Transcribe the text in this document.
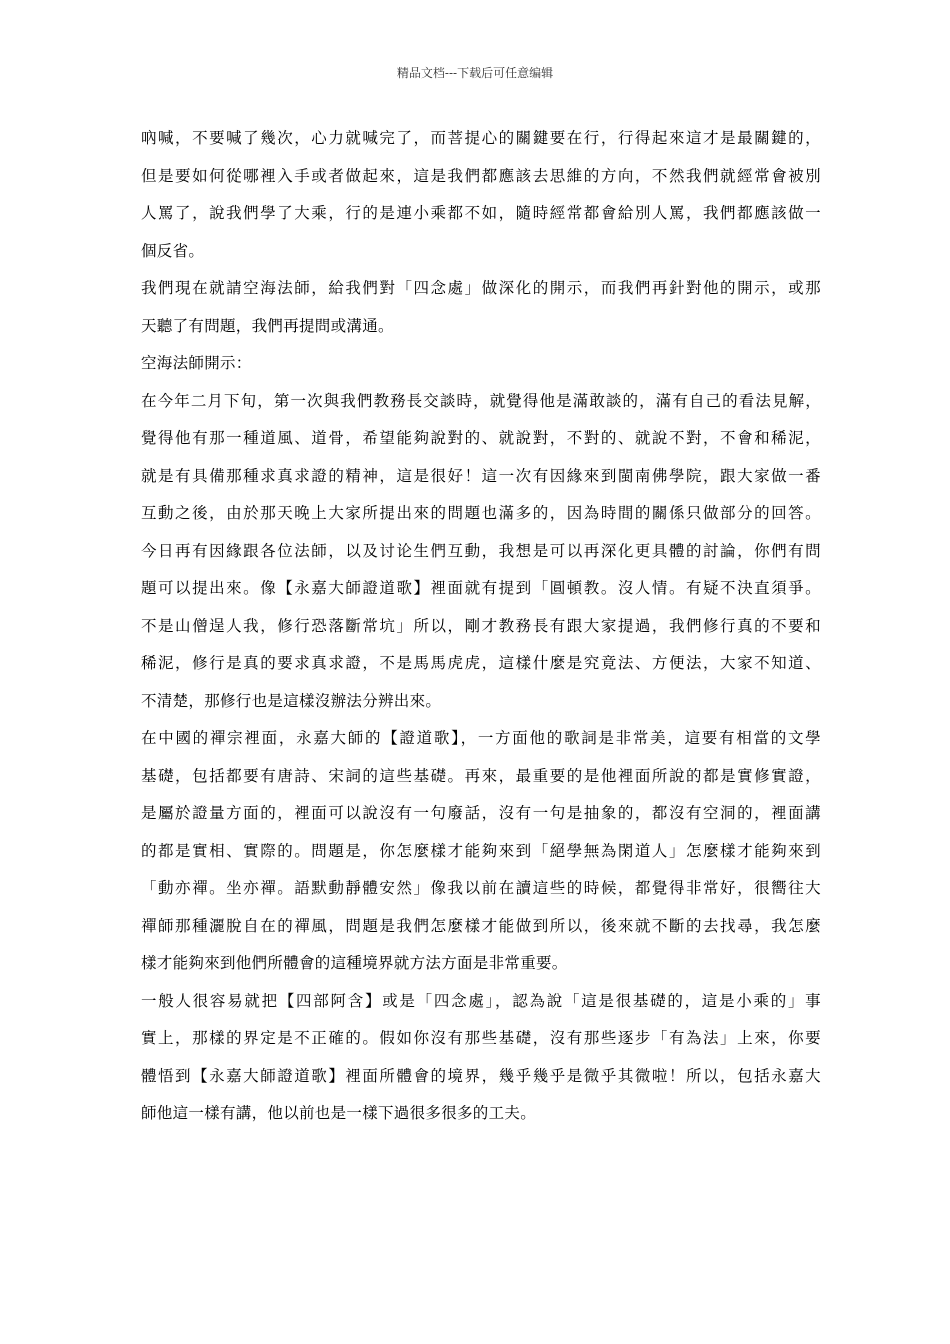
精品文档---下载后可任意编辑
吶喊，不要喊了幾次，心力就喊完了，而菩提心的關鍵要在行，行得起來這才是最關鍵的，
但是要如何從哪裡入手或者做起來，這是我們都應該去思維的方向，不然我們就經常會被別
人罵了，說我們學了大乘，行的是連小乘都不如，隨時經常都會給別人罵，我們都應該做一
個反省。
我們現在就請空海法師，給我們對「四念處」做深化的開示，而我們再針對他的開示，或那
天聽了有問題，我們再提問或溝通。
空海法師開示：
在今年二月下旬，第一次與我們教務長交談時，就覺得他是滿敢談的，滿有自己的看法見解，
覺得他有那一種道風、道骨，希望能夠說對的、就說對，不對的、就說不對，不會和稀泥，
就是有具備那種求真求證的精神，這是很好！這一次有因緣來到閩南佛學院，跟大家做一番
互動之後，由於那天晚上大家所提出來的問題也滿多的，因為時間的關係只做部分的回答。
今日再有因緣跟各位法師，以及讨论生們互動，我想是可以再深化更具體的討論，你們有問
題可以提出來。像【永嘉大師證道歌】裡面就有提到「圓頓教。沒人情。有疑不決直須爭。
不是山僧逞人我，修行恐落斷常坑」所以，剛才教務長有跟大家提過，我們修行真的不要和
稀泥，修行是真的要求真求證，不是馬馬虎虎，這樣什麼是究竟法、方便法，大家不知道、
不清楚，那修行也是這樣沒辦法分辨出來。
在中國的禪宗裡面，永嘉大師的【證道歌】，一方面他的歌詞是非常美，這要有相當的文學
基礎，包括都要有唐詩、宋詞的這些基礎。再來，最重要的是他裡面所說的都是實修實證，
是屬於證量方面的，裡面可以說沒有一句廢話，沒有一句是抽象的，都沒有空洞的，裡面講
的都是實相、實際的。問題是，你怎麼樣才能夠來到「絕學無為閑道人」怎麼樣才能夠來到
「動亦禪。坐亦禪。語默動靜體安然」像我以前在讀這些的時候，都覺得非常好，很嚮往大
禪師那種灑脫自在的禪風，問題是我們怎麼樣才能做到所以，後來就不斷的去找尋，我怎麼
樣才能夠來到他們所體會的這種境界就方法方面是非常重要。
一般人很容易就把【四部阿含】或是「四念處」，認為說「這是很基礎的，這是小乘的」事
實上，那樣的界定是不正確的。假如你沒有那些基礎，沒有那些逐步「有為法」上來，你要
體悟到【永嘉大師證道歌】裡面所體會的境界，幾乎幾乎是微乎其微啦！所以，包括永嘉大
師他這一樣有講，他以前也是一樣下過很多很多的工夫。
